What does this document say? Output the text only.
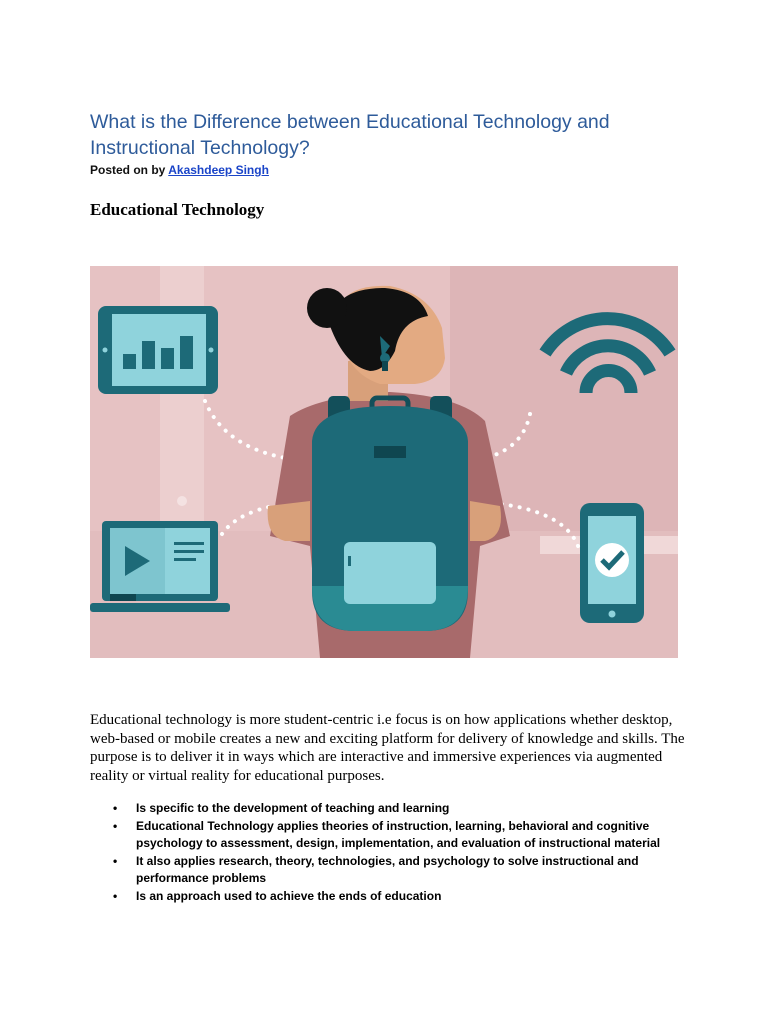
What is the Difference between Educational Technology and
Instructional Technology?
Posted on by Akashdeep Singh
Educational Technology

Educational technology is more student-centric i.e focus is on how applications whether desktop, web-based or mobile creates a new and exciting platform for delivery of knowledge and skills. The purpose is to deliver it in ways which are interactive and immersive experiences via augmented reality or virtual reality for educational purposes.

• Is specific to the development of teaching and learning
• Educational Technology applies theories of instruction, learning, behavioral and cognitive psychology to assessment, design, implementation, and evaluation of instructional material
• It also applies research, theory, technologies, and psychology to solve instructional and performance problems
• Is an approach used to achieve the ends of education
